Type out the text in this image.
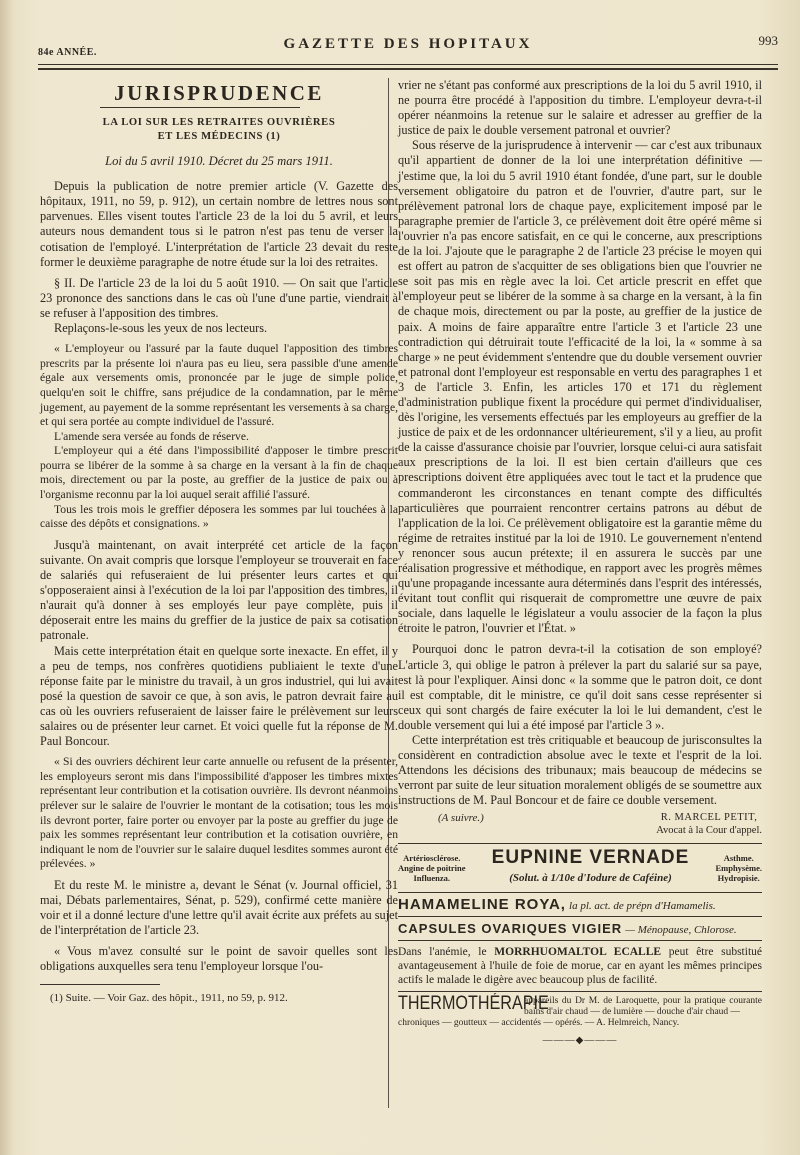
GAZETTE DES HOPITAUX
84e ANNÉE.
993
JURISPRUDENCE
LA LOI SUR LES RETRAITES OUVRIÈRES
ET LES MÉDECINS (1)
Loi du 5 avril 1910. Décret du 25 mars 1911.

Depuis la publication de notre premier article (V. Gazette des hôpitaux, 1911, no 59, p. 912), un certain nombre de lettres nous sont parvenues. Elles visent toutes l'article 23 de la loi du 5 avril, et leurs auteurs nous demandent tous si le patron n'est pas tenu de verser la cotisation de l'employé. L'interprétation de l'article 23 devait du reste former le deuxième paragraphe de notre étude sur la loi des retraites.

§ II. De l'article 23 de la loi du 5 août 1910. — On sait que l'article 23 prononce des sanctions dans le cas où l'une d'une partie, viendrait à se refuser à l'apposition des timbres.

Replaçons-le-sous les yeux de nos lecteurs.

« L'employeur ou l'assuré par la faute duquel l'apposition des timbres prescrits par la présente loi n'aura pas eu lieu, sera passible d'une amende égale aux versements omis, prononcée par le juge de simple police, quelqu'en soit le chiffre, sans préjudice de la condamnation, par le même jugement, au payement de la somme représentant les versements à sa charge, et qui sera portée au compte individuel de l'assuré.

L'amende sera versée au fonds de réserve.

L'employeur qui a été dans l'impossibilité d'apposer le timbre prescrit pourra se libérer de la somme à sa charge en la versant à la fin de chaque mois, directement ou par la poste, au greffier de la justice de paix ou à l'organisme reconnu par la loi auquel serait affilié l'assuré.

Tous les trois mois le greffier déposera les sommes par lui touchées à la caisse des dépôts et consignations. »

Jusqu'à maintenant, on avait interprété cet article de la façon suivante. On avait compris que lorsque l'employeur se trouverait en face de salariés qui refuseraient de lui présenter leurs cartes et qui s'opposeraient ainsi à l'exécution de la loi par l'apposition des timbres, il n'aurait qu'à donner à ses employés leur paye complète, puis il déposerait entre les mains du greffier de la justice de paix sa cotisation patronale.

Mais cette interprétation était en quelque sorte inexacte. En effet, il y a peu de temps, nos confrères quotidiens publiaient le texte d'une réponse faite par le ministre du travail, à un gros industriel, qui lui avait posé la question de savoir ce que, à son avis, le patron devrait faire au cas où les ouvriers refuseraient de laisser faire le prélèvement sur leurs salaires ou de présenter leur carnet. Et voici quelle fut la réponse de M. Paul Boncour.

« Si des ouvriers déchirent leur carte annuelle ou refusent de la présenter, les employeurs seront mis dans l'impossibilité d'apposer les timbres mixtes représentant leur contribution et la cotisation ouvrière. Ils devront néanmoins prélever sur le salaire de l'ouvrier le montant de la cotisation; tous les mois ils devront porter, faire porter ou envoyer par la poste au greffier du juge de paix les sommes représentant leur contribution et la cotisation ouvrière, en indiquant le nom de l'ouvrier sur le salaire duquel lesdites sommes auront été prélevées. »

Et du reste M. le ministre a, devant le Sénat (v. Journal officiel, 31 mai, Débats parlementaires, Sénat, p. 529), confirmé cette manière de voir et il a donné lecture d'une lettre qu'il avait écrite aux préfets au sujet de l'interprétation de l'article 23.

« Vous m'avez consulté sur le point de savoir quelles sont les obligations auxquelles sera tenu l'employeur lorsque l'ou-

(1) Suite. — Voir Gaz. des hôpit., 1911, no 59, p. 912.

vrier ne s'étant pas conformé aux prescriptions de la loi du 5 avril 1910, il ne pourra être procédé à l'apposition du timbre. L'employeur devra-t-il opérer néanmoins la retenue sur le salaire et adresser au greffier de la justice de paix le double versement patronal et ouvrier?

Sous réserve de la jurisprudence à intervenir — car c'est aux tribunaux qu'il appartient de donner de la loi une interprétation définitive — j'estime que, la loi du 5 avril 1910 étant fondée, d'une part, sur le double versement obligatoire du patron et de l'ouvrier, d'autre part, sur le prélèvement patronal lors de chaque paye, explicitement imposé par le paragraphe premier de l'article 3, ce prélèvement doit être opéré même si l'ouvrier n'a pas encore satisfait, en ce qui le concerne, aux prescriptions de la loi. J'ajoute que le paragraphe 2 de l'article 23 précise le moyen qui est offert au patron de s'acquitter de ses obligations bien que l'ouvrier ne se soit pas mis en règle avec la loi. Cet article prescrit en effet que l'employeur peut se libérer de la somme à sa charge en la versant, à la fin de chaque mois, directement ou par la poste, au greffier de la justice de paix. A moins de faire apparaître entre l'article 3 et l'article 23 une contradiction qui détruirait toute l'efficacité de la loi, la « somme à sa charge » ne peut évidemment s'entendre que du double versement ouvrier et patronal dont l'employeur est responsable en vertu des paragraphes 1 et 3 de l'article 3. Enfin, les articles 170 et 171 du règlement d'administration publique fixent la procédure qui permet d'individualiser, dès l'origine, les versements effectués par les employeurs au greffier de la justice de paix et de les ordonnancer ultérieurement, s'il y a lieu, au profit de la caisse d'assurance choisie par l'ouvrier, lorsque celui-ci aura satisfait aux prescriptions de la loi. Il est bien certain d'ailleurs que ces prescriptions doivent être appliquées avec tout le tact et la prudence que commanderont les circonstances en tenant compte des difficultés particulières que pourraient rencontrer certains patrons au début de l'application de la loi. Ce prélèvement obligatoire est la garantie même du régime de retraites institué par la loi de 1910. Le gouvernement n'entend y renoncer sous aucun prétexte; il en assurera le succès par une réalisation progressive et méthodique, en rapport avec les progrès mêmes qu'une propagande incessante aura déterminés dans l'esprit des intéressés, évitant tout conflit qui risquerait de compromettre une œuvre de paix sociale, dans laquelle le législateur a voulu associer de la façon la plus étroite le patron, l'ouvrier et l'État. »

Pourquoi donc le patron devra-t-il la cotisation de son employé? L'article 3, qui oblige le patron à prélever la part du salarié sur sa paye, est là pour l'expliquer. Ainsi donc « la somme que le patron doit, ce dont il est comptable, dit le ministre, ce qu'il doit sans cesse représenter si ceux qui sont chargés de faire exécuter la loi le lui demandent, c'est le double versement qui lui a été imposé par l'article 3 ».

Cette interprétation est très critiquable et beaucoup de jurisconsultes la considèrent en contradiction absolue avec le texte et l'esprit de la loi. Attendons les décisions des tribunaux; mais beaucoup de médecins se verront par suite de leur situation moralement obligés de se soumettre aux instructions de M. Paul Boncour et de faire ce double versement.

(A suivre.)	R. MARCEL PETIT,
Avocat à la Cour d'appel.
Artériosclérose.
Angine de poitrine
Influenza.
EUPNINE VERNADE
(Solut. à 1/10e d'Iodure de Caféine)
Asthme.
Emphysème.
Hydropisie.
HAMAMELINE ROYA, la pl. act. de prépn d'Hamamelis.
CAPSULES OVARIQUES VIGIER — Ménopause, Chlorose.
Dans l'anémie, le MORRHUOMALTOL ECALLE peut être substitué avantageusement à l'huile de foie de morue, car en ayant les mêmes principes actifs le malade le digère avec beaucoup plus de facilité.
THERMOTHÉRAPIE
appareils du Dr M. de Laroquette, pour la pratique courante bains d'air chaud — de lumière — douche d'air chaud —
chroniques — goutteux — accidentés — opérés. — A. Helmreich, Nancy.
———◆———
